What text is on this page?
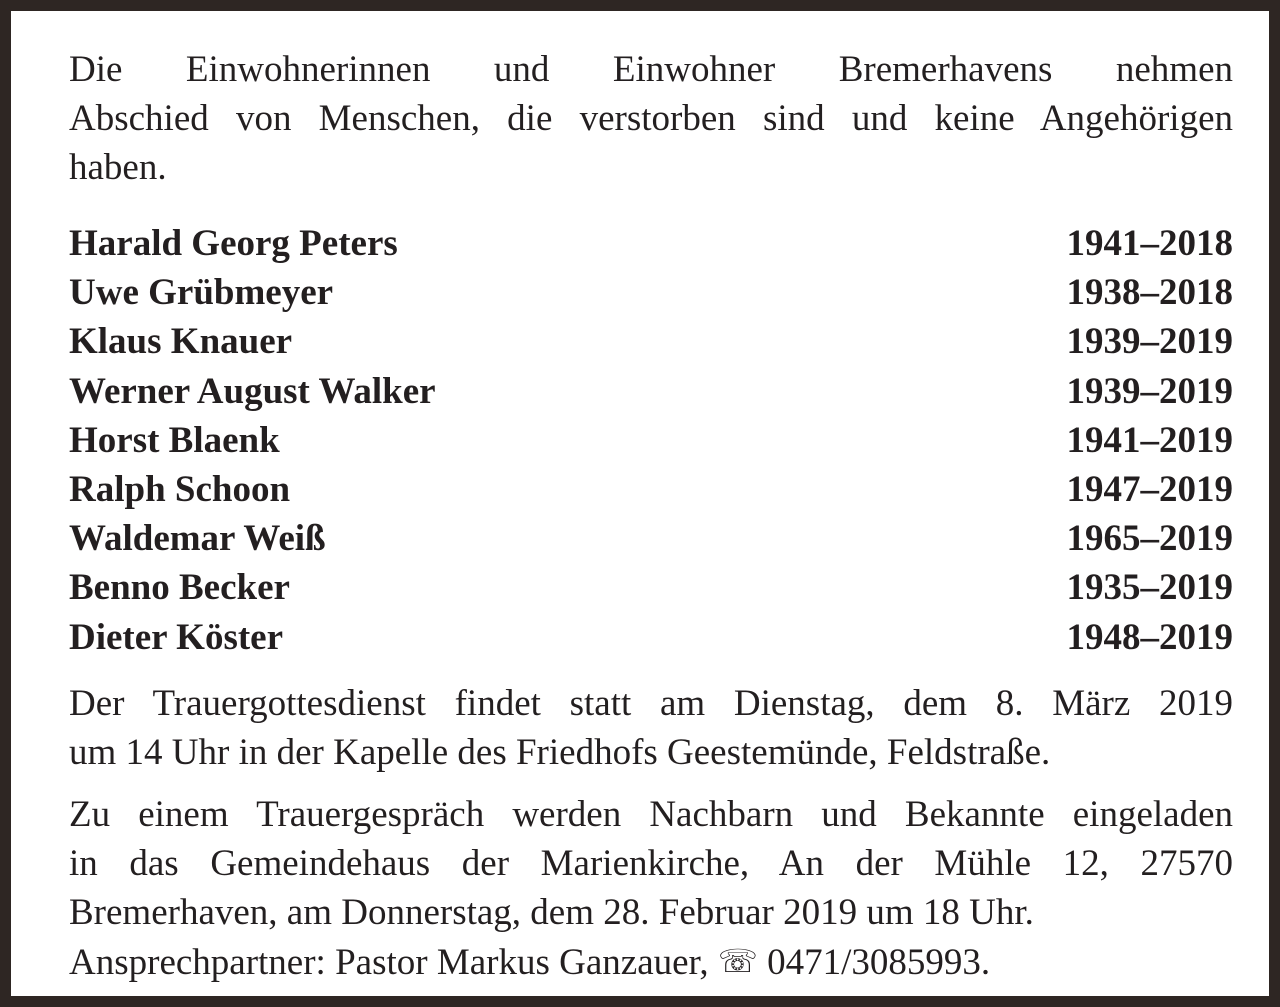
Die Einwohnerinnen und Einwohner Bremerhavens nehmen
Abschied von Menschen, die verstorben sind und keine Angehörigen
haben.

Harald Georg Peters	1941–2018
Uwe Grübmeyer	1938–2018
Klaus Knauer	1939–2019
Werner August Walker	1939–2019
Horst Blaenk	1941–2019
Ralph Schoon	1947–2019
Waldemar Weiß	1965–2019
Benno Becker	1935–2019
Dieter Köster	1948–2019

Der Trauergottesdienst findet statt am Dienstag, dem 8. März 2019
um 14 Uhr in der Kapelle des Friedhofs Geestemünde, Feldstraße.

Zu einem Trauergespräch werden Nachbarn und Bekannte eingeladen
in das Gemeindehaus der Marienkirche, An der Mühle 12, 27570
Bremerhaven, am Donnerstag, dem 28. Februar 2019 um 18 Uhr.
Ansprechpartner: Pastor Markus Ganzauer, ☏ 0471/3085993.
